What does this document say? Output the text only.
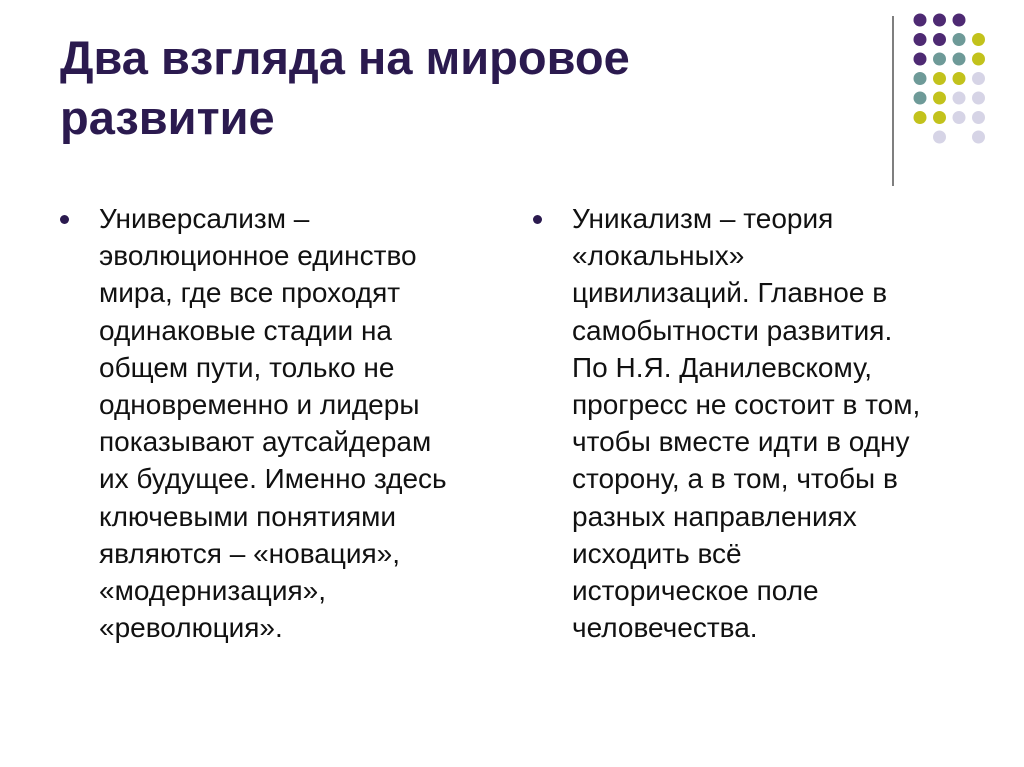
Два взгляда на мировое
развитие

Универсализм –
эволюционное единство
мира, где все проходят
одинаковые стадии на
общем пути, только не
одновременно и лидеры
показывают аутсайдерам
их будущее. Именно здесь
ключевыми понятиями
являются – «новация»,
«модернизация»,
«революция».

Уникализм – теория
«локальных»
цивилизаций. Главное в
самобытности развития.
По Н.Я. Данилевскому,
прогресс не состоит в том,
чтобы вместе идти в одну
сторону, а в том, чтобы в
разных направлениях
исходить всё
историческое поле
человечества.
